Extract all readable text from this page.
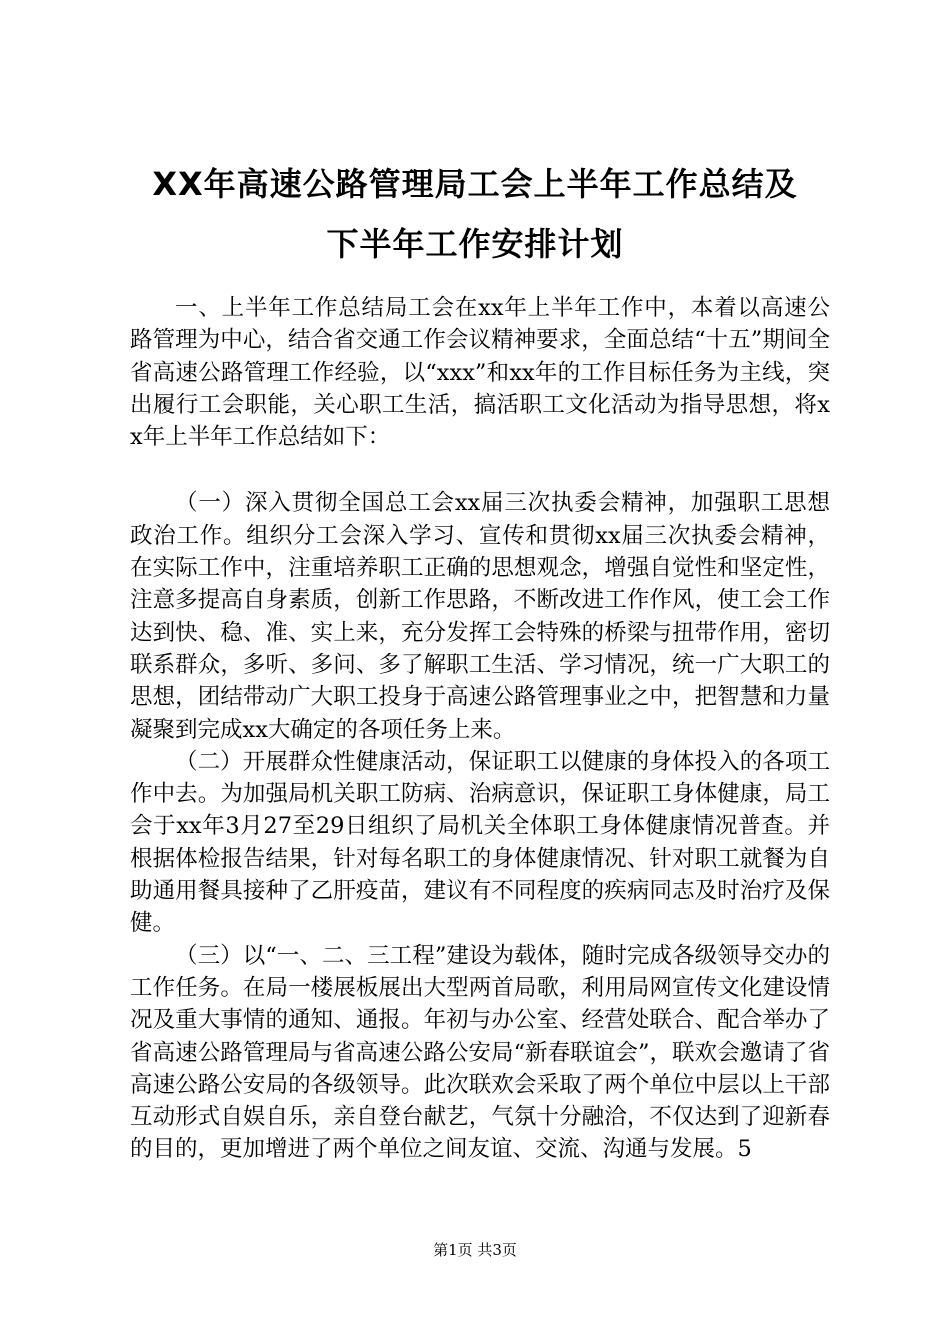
XX年高速公路管理局工会上半年工作总结及
下半年工作安排计划

一、上半年工作总结局工会在xx年上半年工作中，本着以高速公路管理为中心，结合省交通工作会议精神要求，全面总结“十五”期间全省高速公路管理工作经验，以“xxx”和xx年的工作目标任务为主线，突出履行工会职能，关心职工生活，搞活职工文化活动为指导思想，将xx年上半年工作总结如下：

（一）深入贯彻全国总工会xx届三次执委会精神，加强职工思想政治工作。组织分工会深入学习、宣传和贯彻xx届三次执委会精神，在实际工作中，注重培养职工正确的思想观念，增强自觉性和坚定性，注意多提高自身素质，创新工作思路，不断改进工作作风，使工会工作达到快、稳、准、实上来，充分发挥工会特殊的桥梁与扭带作用，密切联系群众，多听、多问、多了解职工生活、学习情况，统一广大职工的思想，团结带动广大职工投身于高速公路管理事业之中，把智慧和力量凝聚到完成xx大确定的各项任务上来。

（二）开展群众性健康活动，保证职工以健康的身体投入的各项工作中去。为加强局机关职工防病、治病意识，保证职工身体健康，局工会于xx年3月27至29日组织了局机关全体职工身体健康情况普查。并根据体检报告结果，针对每名职工的身体健康情况、针对职工就餐为自助通用餐具接种了乙肝疫苗，建议有不同程度的疾病同志及时治疗及保健。

（三）以“一、二、三工程”建设为载体，随时完成各级领导交办的工作任务。在局一楼展板展出大型两首局歌，利用局网宣传文化建设情况及重大事情的通知、通报。年初与办公室、经营处联合、配合举办了省高速公路管理局与省高速公路公安局“新春联谊会”，联欢会邀请了省高速公路公安局的各级领导。此次联欢会采取了两个单位中层以上干部互动形式自娱自乐，亲自登台献艺，气氛十分融洽，不仅达到了迎新春的目的，更加增进了两个单位之间友谊、交流、沟通与发展。5

第1页 共3页
